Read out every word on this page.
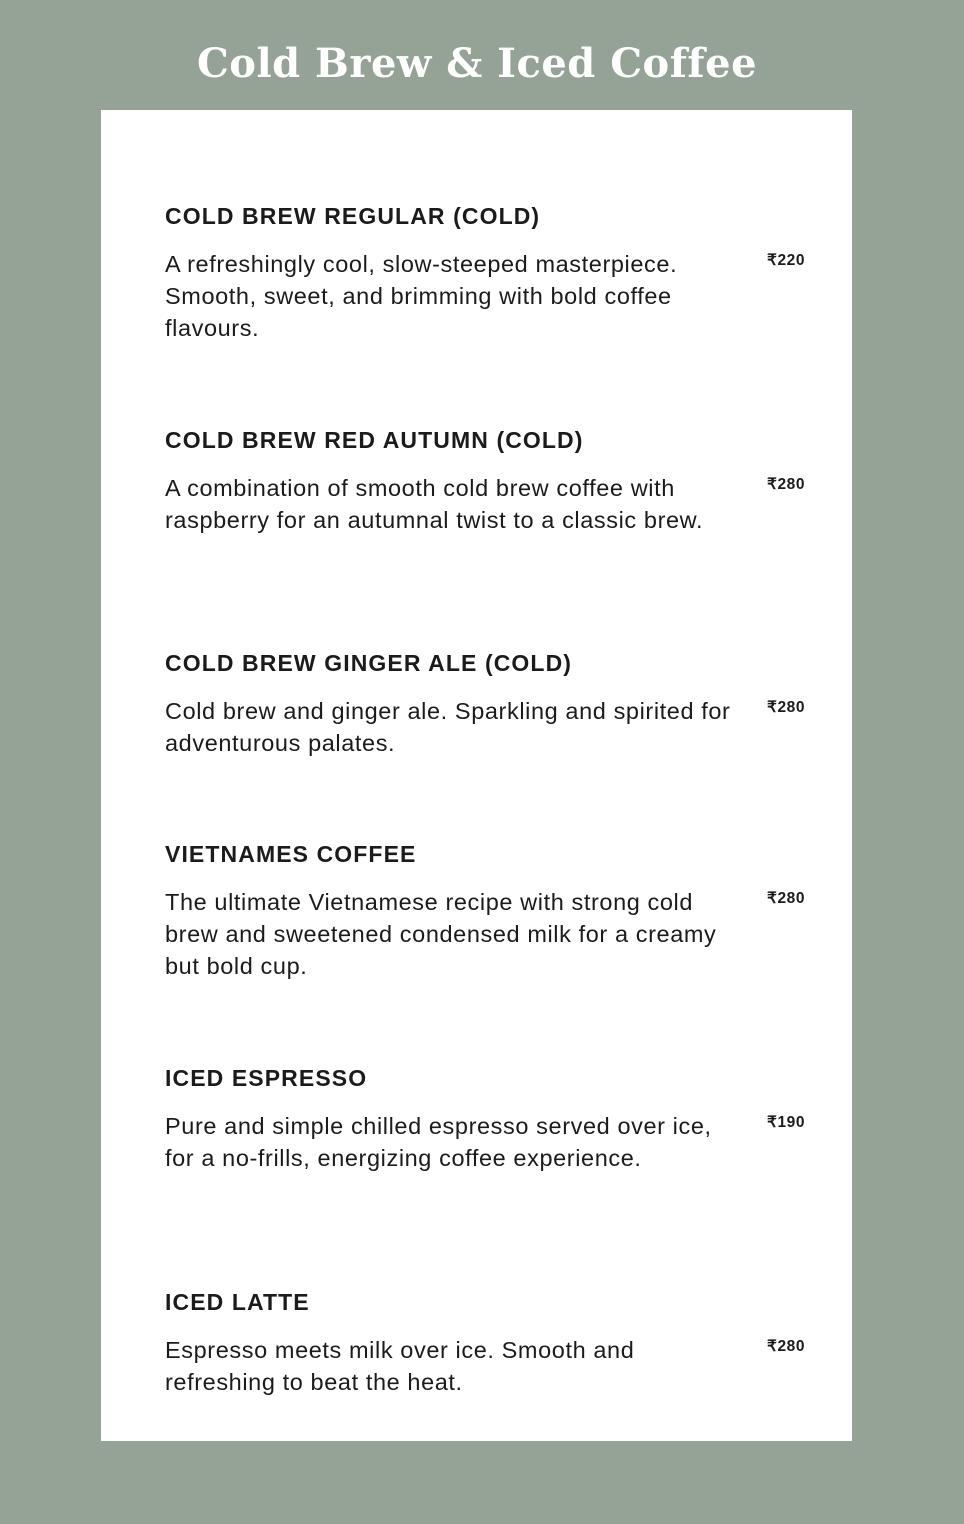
Cold Brew & Iced Coffee
COLD BREW REGULAR (COLD)

A refreshingly cool, slow-steeped masterpiece. Smooth, sweet, and brimming with bold coffee flavours.

₹220
COLD BREW RED AUTUMN (COLD)

A combination of smooth cold brew coffee with raspberry for an autumnal twist to a classic brew.

₹280
COLD BREW GINGER ALE (COLD)

Cold brew and ginger ale. Sparkling and spirited for adventurous palates.

₹280
VIETNAMES COFFEE

The ultimate Vietnamese recipe with strong cold brew and sweetened condensed milk for a creamy but bold cup.

₹280
ICED ESPRESSO

Pure and simple chilled espresso served over ice, for a no-frills, energizing coffee experience.

₹190
ICED LATTE

Espresso meets milk over ice. Smooth and refreshing to beat the heat.

₹280
